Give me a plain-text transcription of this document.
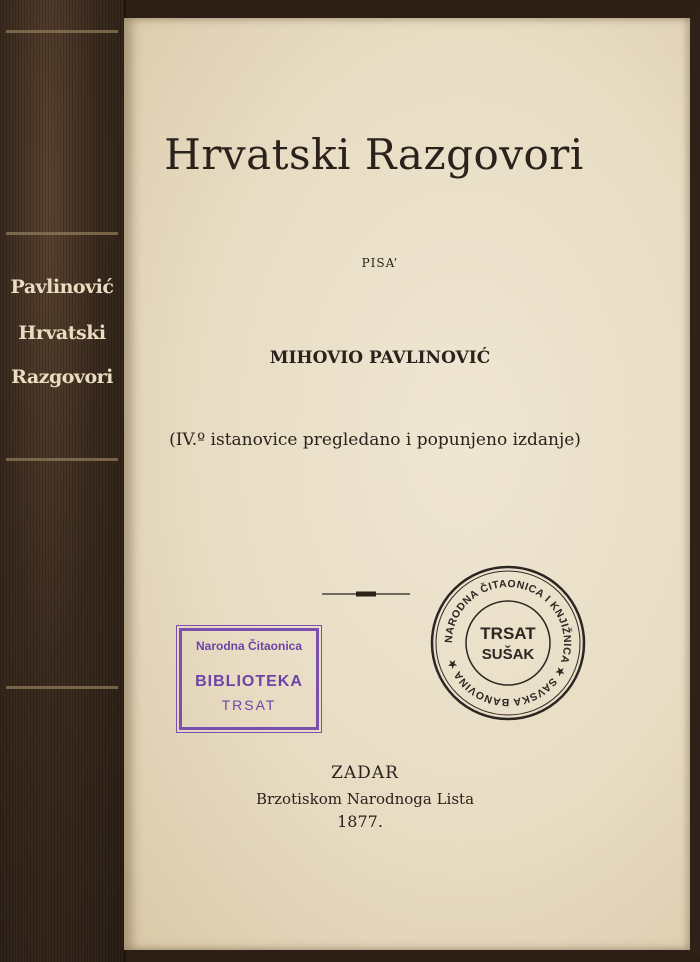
Pavlinović
Hrvatski
Razgovori
Hrvatski Razgovori
PISA’
MIHOVIO PAVLINOVIĆ
(IV.º istanovice pregledano i popunjeno izdanje)
Narodna Čitaonica
BIBLIOTEKA
TRSAT
NARODNA ČITAONICA I KNJIŽNICA ★ SAVSKA BANOVINA ★
TRSAT
SUŠAK
ZADAR
Brzotiskom Narodnoga Lista
1877.
